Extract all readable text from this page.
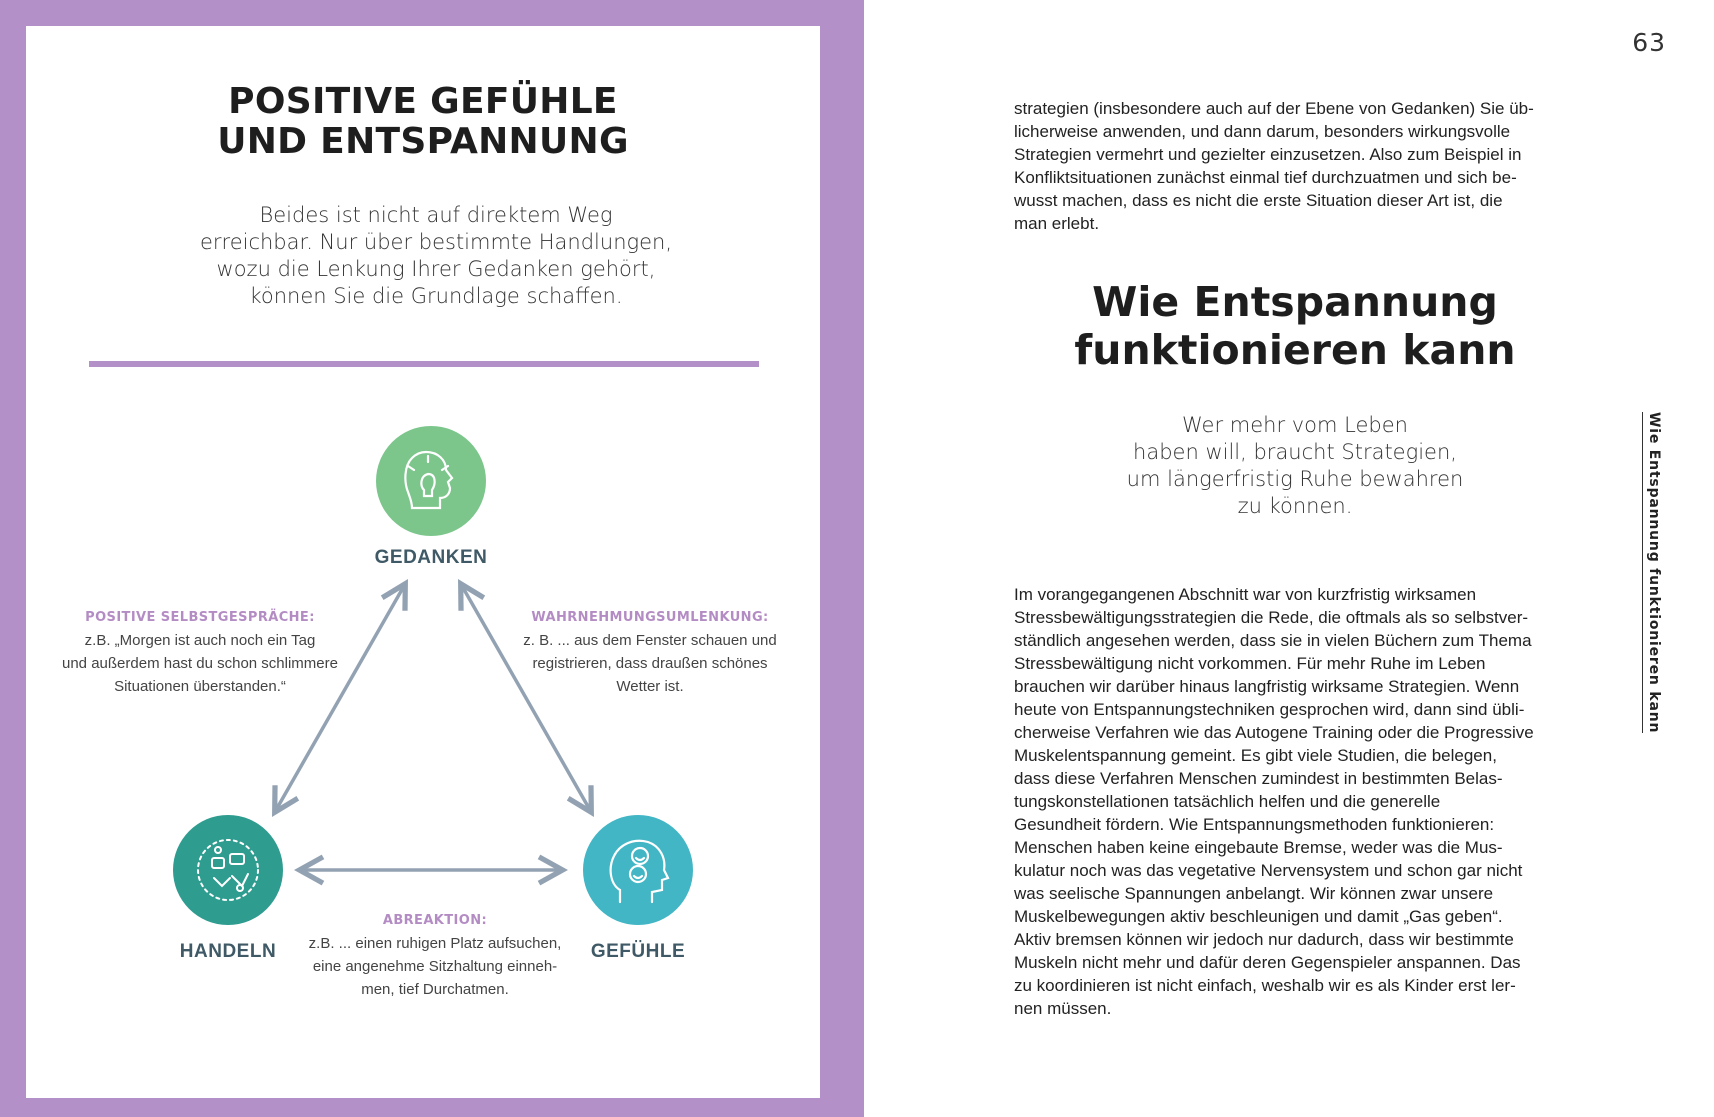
POSITIVE GEFÜHLE
UND ENTSPANNUNG
Beides ist nicht auf direktem Weg
erreichbar. Nur über bestimmte Handlungen,
wozu die Lenkung Ihrer Gedanken gehört,
können Sie die Grundlage schaffen.
GEDANKEN
HANDELN	GEFÜHLE
POSITIVE SELBSTGESPRÄCHE:
z.B. „Morgen ist auch noch ein Tag
und außerdem hast du schon schlimmere
Situationen überstanden.“
WAHRNEHMUNGSUMLENKUNG:
z. B. ... aus dem Fenster schauen und
registrieren, dass draußen schönes
Wetter ist.
ABREAKTION:
z.B. ... einen ruhigen Platz aufsuchen,
eine angenehme Sitzhaltung einneh-
men, tief Durchatmen.
63
strategien (insbesondere auch auf der Ebene von Gedanken) Sie üb-
licherweise anwenden, und dann darum, besonders wirkungsvolle
Strategien vermehrt und gezielter einzusetzen. Also zum Beispiel in
Konfliktsituationen zunächst einmal tief durchzuatmen und sich be-
wusst machen, dass es nicht die erste Situation dieser Art ist, die
man erlebt.
Wie Entspannung
funktionieren kann
Wer mehr vom Leben
haben will, braucht Strategien,
um längerfristig Ruhe bewahren
zu können.
Im vorangegangenen Abschnitt war von kurzfristig wirksamen
Stressbewältigungsstrategien die Rede, die oftmals als so selbstver-
ständlich angesehen werden, dass sie in vielen Büchern zum Thema
Stressbewältigung nicht vorkommen. Für mehr Ruhe im Leben
brauchen wir darüber hinaus langfristig wirksame Strategien. Wenn
heute von Entspannungstechniken gesprochen wird, dann sind übli-
cherweise Verfahren wie das Autogene Training oder die Progressive
Muskelentspannung gemeint. Es gibt viele Studien, die belegen,
dass diese Verfahren Menschen zumindest in bestimmten Belas-
tungskonstellationen tatsächlich helfen und die generelle
Gesundheit fördern. Wie Entspannungsmethoden funktionieren:
Menschen haben keine eingebaute Bremse, weder was die Mus-
kulatur noch was das vegetative Nervensystem und schon gar nicht
was seelische Spannungen anbelangt. Wir können zwar unsere
Muskelbewegungen aktiv beschleunigen und damit „Gas geben“.
Aktiv bremsen können wir jedoch nur dadurch, dass wir bestimmte
Muskeln nicht mehr und dafür deren Gegenspieler anspannen. Das
zu koordinieren ist nicht einfach, weshalb wir es als Kinder erst ler-
nen müssen.
Wie Entspannung funktionieren kann
